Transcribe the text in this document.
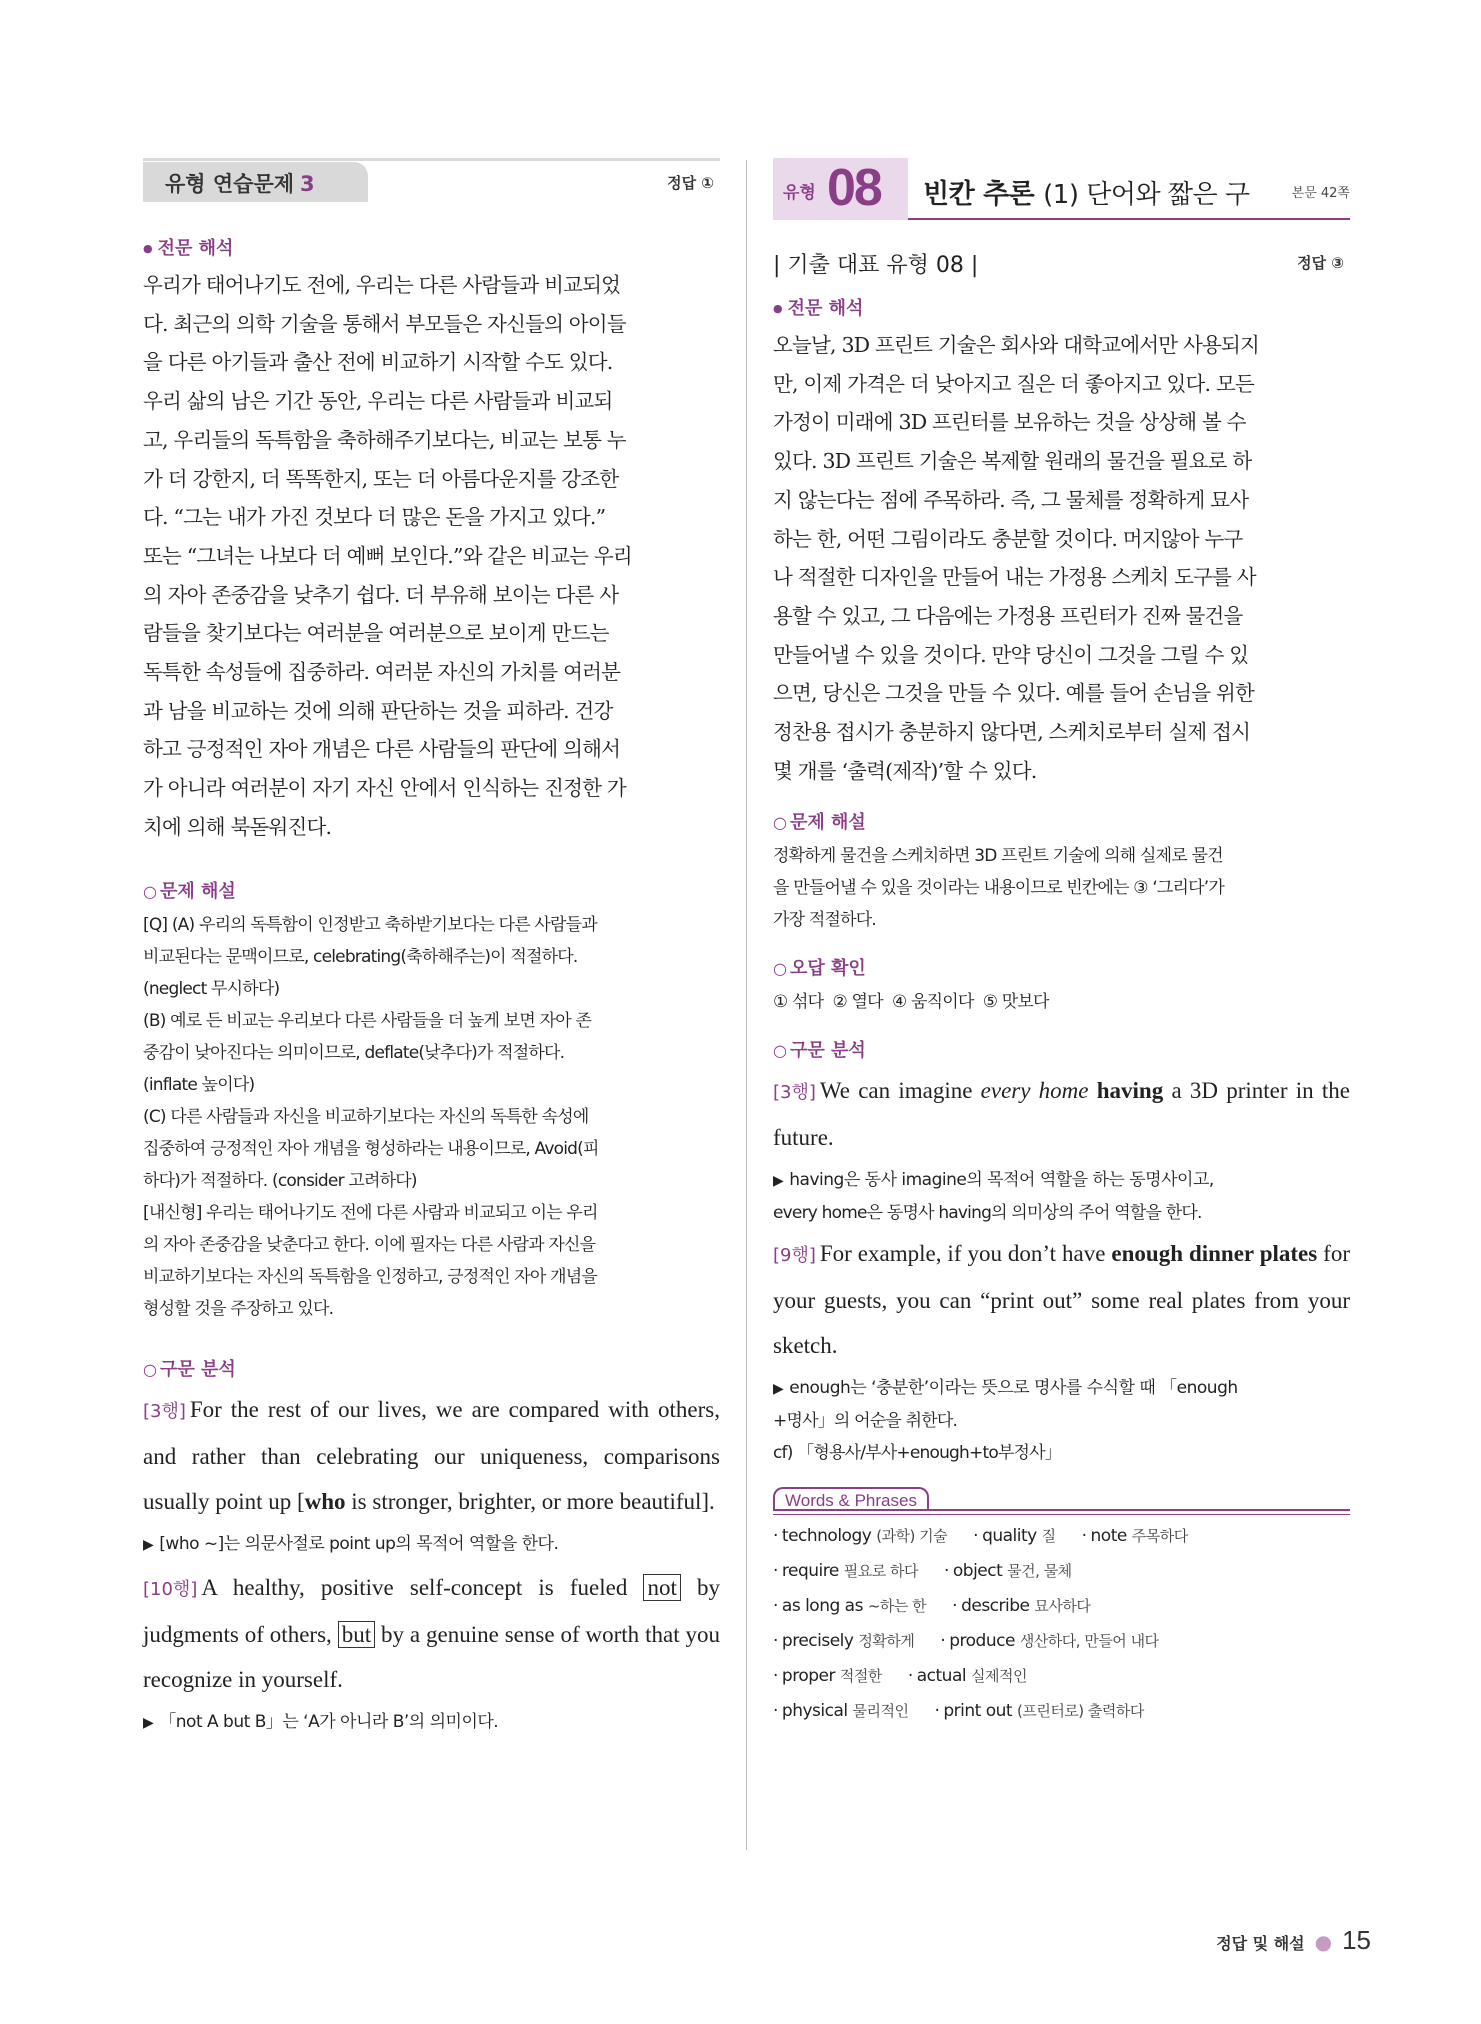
유형 연습문제 3	정답 ①
● 전문 해석
우리가 태어나기도 전에, 우리는 다른 사람들과 비교되었
다. 최근의 의학 기술을 통해서 부모들은 자신들의 아이들
을 다른 아기들과 출산 전에 비교하기 시작할 수도 있다.
우리 삶의 남은 기간 동안, 우리는 다른 사람들과 비교되
고, 우리들의 독특함을 축하해주기보다는, 비교는 보통 누
가 더 강한지, 더 똑똑한지, 또는 더 아름다운지를 강조한
다. “그는 내가 가진 것보다 더 많은 돈을 가지고 있다.”
또는 “그녀는 나보다 더 예뻐 보인다.”와 같은 비교는 우리
의 자아 존중감을 낮추기 쉽다. 더 부유해 보이는 다른 사
람들을 찾기보다는 여러분을 여러분으로 보이게 만드는
독특한 속성들에 집중하라. 여러분 자신의 가치를 여러분
과 남을 비교하는 것에 의해 판단하는 것을 피하라. 건강
하고 긍정적인 자아 개념은 다른 사람들의 판단에 의해서
가 아니라 여러분이 자기 자신 안에서 인식하는 진정한 가
치에 의해 북돋워진다.
○ 문제 해설
[Q] (A) 우리의 독특함이 인정받고 축하받기보다는 다른 사람들과
비교된다는 문맥이므로, celebrating(축하해주는)이 적절하다.
(neglect 무시하다)
(B) 예로 든 비교는 우리보다 다른 사람들을 더 높게 보면 자아 존
중감이 낮아진다는 의미이므로, deflate(낮추다)가 적절하다.
(inflate 높이다)
(C) 다른 사람들과 자신을 비교하기보다는 자신의 독특한 속성에
집중하여 긍정적인 자아 개념을 형성하라는 내용이므로, Avoid(피
하다)가 적절하다. (consider 고려하다)
[내신형] 우리는 태어나기도 전에 다른 사람과 비교되고 이는 우리
의 자아 존중감을 낮춘다고 한다. 이에 필자는 다른 사람과 자신을
비교하기보다는 자신의 독특함을 인정하고, 긍정적인 자아 개념을
형성할 것을 주장하고 있다.
○ 구문 분석
[3행] For the rest of our lives, we are compared with others, and rather than celebrating our uniqueness, comparisons usually point up [who is stronger, brighter, or more beautiful].
▶ [who ~]는 의문사절로 point up의 목적어 역할을 한다.
[10행] A healthy, positive self-concept is fueled not by judgments of others, but by a genuine sense of worth that you recognize in yourself.
▶ 「not A but B」는 ‘A가 아니라 B’의 의미이다.
유형 08 빈칸 추론 (1) 단어와 짧은 구	본문 42쪽
| 기출 대표 유형 08 |	정답 ③
● 전문 해석
오늘날, 3D 프린트 기술은 회사와 대학교에서만 사용되지
만, 이제 가격은 더 낮아지고 질은 더 좋아지고 있다. 모든
가정이 미래에 3D 프린터를 보유하는 것을 상상해 볼 수
있다. 3D 프린트 기술은 복제할 원래의 물건을 필요로 하
지 않는다는 점에 주목하라. 즉, 그 물체를 정확하게 묘사
하는 한, 어떤 그림이라도 충분할 것이다. 머지않아 누구
나 적절한 디자인을 만들어 내는 가정용 스케치 도구를 사
용할 수 있고, 그 다음에는 가정용 프린터가 진짜 물건을
만들어낼 수 있을 것이다. 만약 당신이 그것을 그릴 수 있
으면, 당신은 그것을 만들 수 있다. 예를 들어 손님을 위한
정찬용 접시가 충분하지 않다면, 스케치로부터 실제 접시
몇 개를 ‘출력(제작)’할 수 있다.
○ 문제 해설
정확하게 물건을 스케치하면 3D 프린트 기술에 의해 실제로 물건
을 만들어낼 수 있을 것이라는 내용이므로 빈칸에는 ③ ‘그리다’가
가장 적절하다.
○ 오답 확인
① 섞다  ② 열다  ④ 움직이다  ⑤ 맛보다
○ 구문 분석
[3행] We can imagine every home having a 3D printer in the future.
▶ having은 동사 imagine의 목적어 역할을 하는 동명사이고,
every home은 동명사 having의 의미상의 주어 역할을 한다.
[9행] For example, if you don’t have enough dinner plates for your guests, you can “print out” some real plates from your sketch.
▶ enough는 ‘충분한’이라는 뜻으로 명사를 수식할 때 「enough
+명사」의 어순을 취한다.
cf) 「형용사/부사+enough+to부정사」
Words & Phrases
· technology (과학) 기술 · quality 질 · note 주목하다
· require 필요로 하다 · object 물건, 물체
· as long as ~하는 한 · describe 묘사하다
· precisely 정확하게 · produce 생산하다, 만들어 내다
· proper 적절한 · actual 실제적인
· physical 물리적인 · print out (프린터로) 출력하다
정답 및 해설 ● 15
